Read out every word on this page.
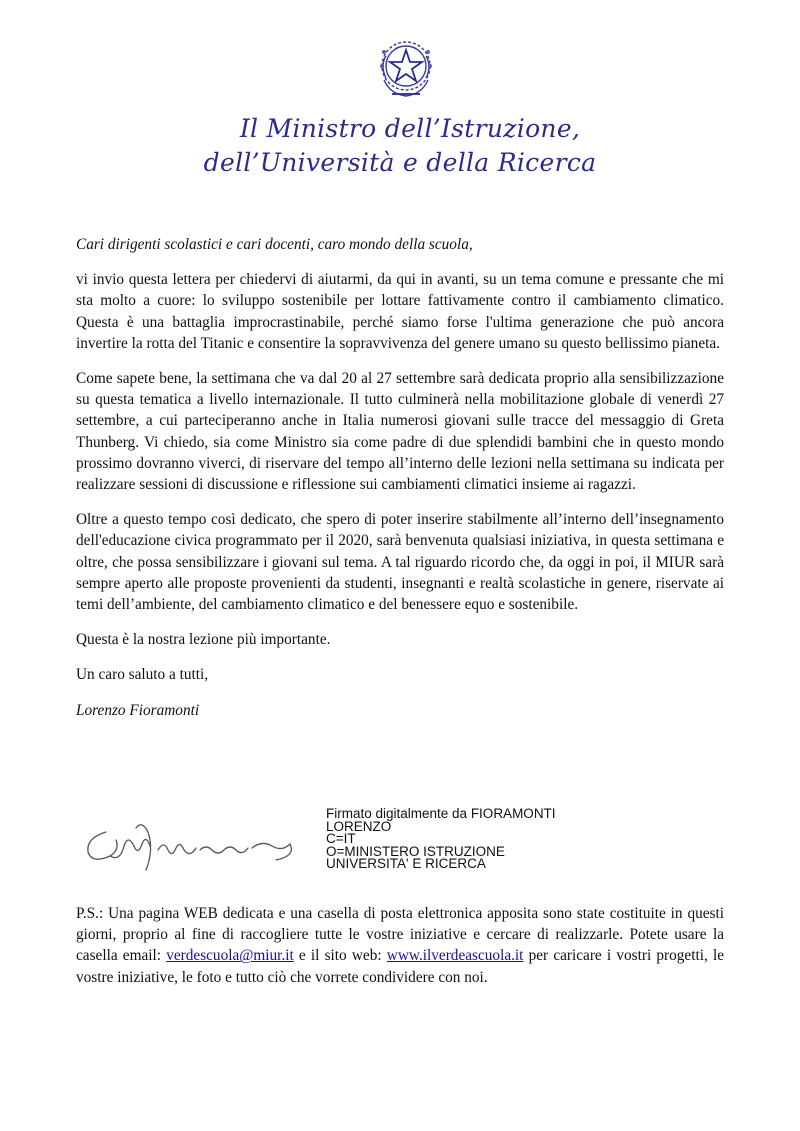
Il Ministro dell’Istruzione,
dell’Università e della Ricerca

Cari dirigenti scolastici e cari docenti, caro mondo della scuola,

vi invio questa lettera per chiedervi di aiutarmi, da qui in avanti, su un tema comune e pressante che mi sta molto a cuore: lo sviluppo sostenibile per lottare fattivamente contro il cambiamento climatico. Questa è una battaglia improcrastinabile, perché siamo forse l'ultima generazione che può ancora invertire la rotta del Titanic e consentire la sopravvivenza del genere umano su questo bellissimo pianeta.

Come sapete bene, la settimana che va dal 20 al 27 settembre sarà dedicata proprio alla sensibilizzazione su questa tematica a livello internazionale. Il tutto culminerà nella mobilitazione globale di venerdì 27 settembre, a cui parteciperanno anche in Italia numerosi giovani sulle tracce del messaggio di Greta Thunberg. Vi chiedo, sia come Ministro sia come padre di due splendidi bambini che in questo mondo prossimo dovranno viverci, di riservare del tempo all’interno delle lezioni nella settimana su indicata per realizzare sessioni di discussione e riflessione sui cambiamenti climatici insieme ai ragazzi.

Oltre a questo tempo così dedicato, che spero di poter inserire stabilmente all’interno dell’insegnamento dell'educazione civica programmato per il 2020, sarà benvenuta qualsiasi iniziativa, in questa settimana e oltre, che possa sensibilizzare i giovani sul tema. A tal riguardo ricordo che, da oggi in poi, il MIUR sarà sempre aperto alle proposte provenienti da studenti, insegnanti e realtà scolastiche in genere, riservate ai temi dell’ambiente, del cambiamento climatico e del benessere equo e sostenibile.

Questa è la nostra lezione più importante.

Un caro saluto a tutti,

Lorenzo Fioramonti

Firmato digitalmente da FIORAMONTI
LORENZO
C=IT
O=MINISTERO ISTRUZIONE
UNIVERSITA' E RICERCA

P.S.: Una pagina WEB dedicata e una casella di posta elettronica apposita sono state costituite in questi giorni, proprio al fine di raccogliere tutte le vostre iniziative e cercare di realizzarle. Potete usare la casella email: verdescuola@miur.it e il sito web: www.ilverdeascuola.it per caricare i vostri progetti, le vostre iniziative, le foto e tutto ciò che vorrete condividere con noi.
